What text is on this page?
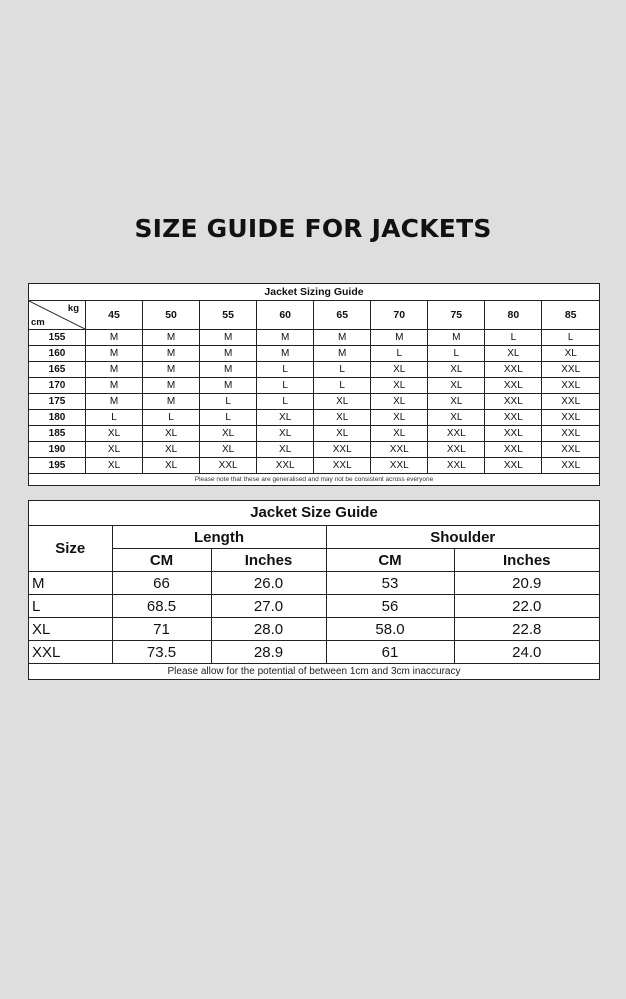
SIZE GUIDE FOR JACKETS
Jacket Sizing Guide
kg
cm	45	50	55	60	65	70	75	80	85
155	M	M	M	M	M	M	M	L	L
160	M	M	M	M	M	L	L	XL	XL
165	M	M	M	L	L	XL	XL	XXL	XXL
170	M	M	M	L	L	XL	XL	XXL	XXL
175	M	M	L	L	XL	XL	XL	XXL	XXL
180	L	L	L	XL	XL	XL	XL	XXL	XXL
185	XL	XL	XL	XL	XL	XL	XXL	XXL	XXL
190	XL	XL	XL	XL	XXL	XXL	XXL	XXL	XXL
195	XL	XL	XXL	XXL	XXL	XXL	XXL	XXL	XXL
Please note that these are generalised and may not be consistent across everyone
Jacket Size Guide
Size	Length		Shoulder	
	CM	Inches	CM	Inches
M	66	26.0	53	20.9
L	68.5	27.0	56	22.0
XL	71	28.0	58.0	22.8
XXL	73.5	28.9	61	24.0
Please allow for the potential of between 1cm and 3cm inaccuracy
